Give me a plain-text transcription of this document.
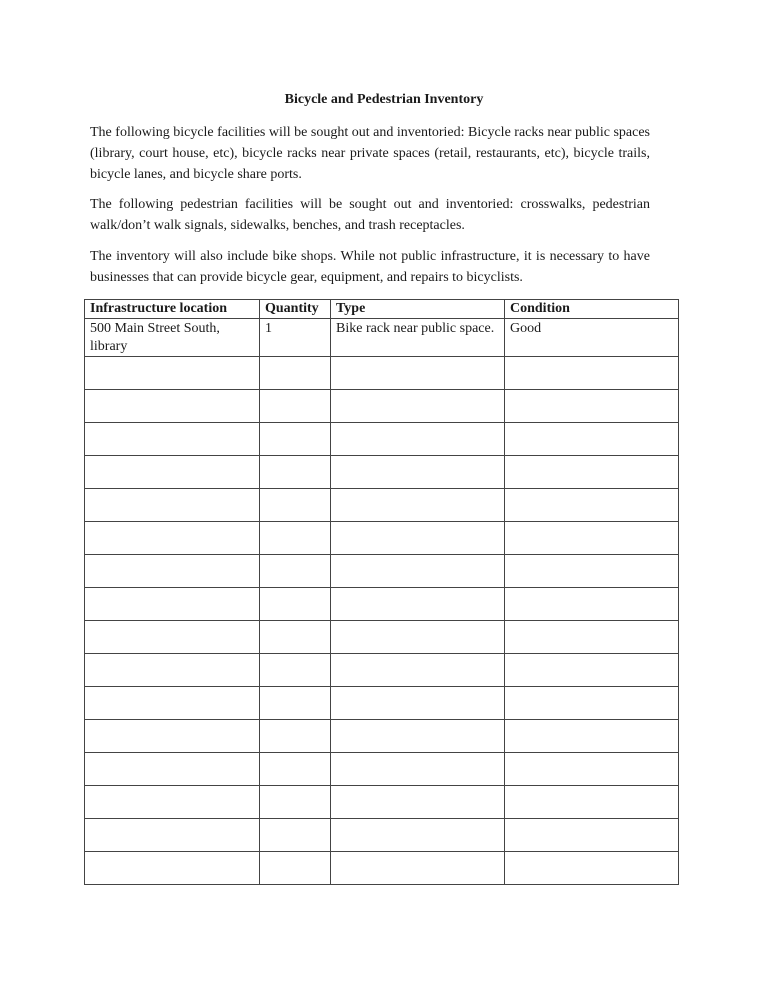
Bicycle and Pedestrian Inventory

The following bicycle facilities will be sought out and inventoried: Bicycle racks near public spaces (library, court house, etc), bicycle racks near private spaces (retail, restaurants, etc), bicycle trails, bicycle lanes, and bicycle share ports.

The following pedestrian facilities will be sought out and inventoried: crosswalks, pedestrian walk/don’t walk signals, sidewalks, benches, and trash receptacles.

The inventory will also include bike shops. While not public infrastructure, it is necessary to have businesses that can provide bicycle gear, equipment, and repairs to bicyclists.

Infrastructure location	Quantity	Type	Condition
500 Main Street South, library	1	Bike rack near public space.	Good
